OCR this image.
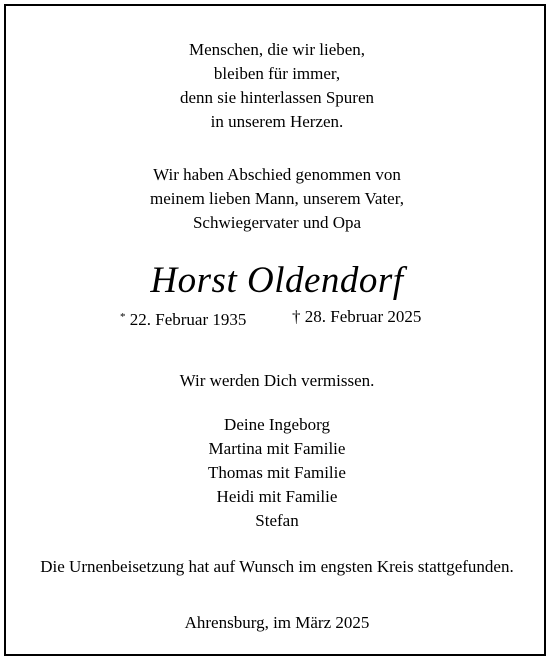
Menschen, die wir lieben,
bleiben für immer,
denn sie hinterlassen Spuren
in unserem Herzen.
Wir haben Abschied genommen von
meinem lieben Mann, unserem Vater,
Schwiegervater und Opa
Horst Oldendorf
* 22. Februar 1935	† 28. Februar 2025
Wir werden Dich vermissen.
Deine Ingeborg
Martina mit Familie
Thomas mit Familie
Heidi mit Familie
Stefan
Die Urnenbeisetzung hat auf Wunsch im engsten Kreis stattgefunden.
Ahrensburg, im März 2025
